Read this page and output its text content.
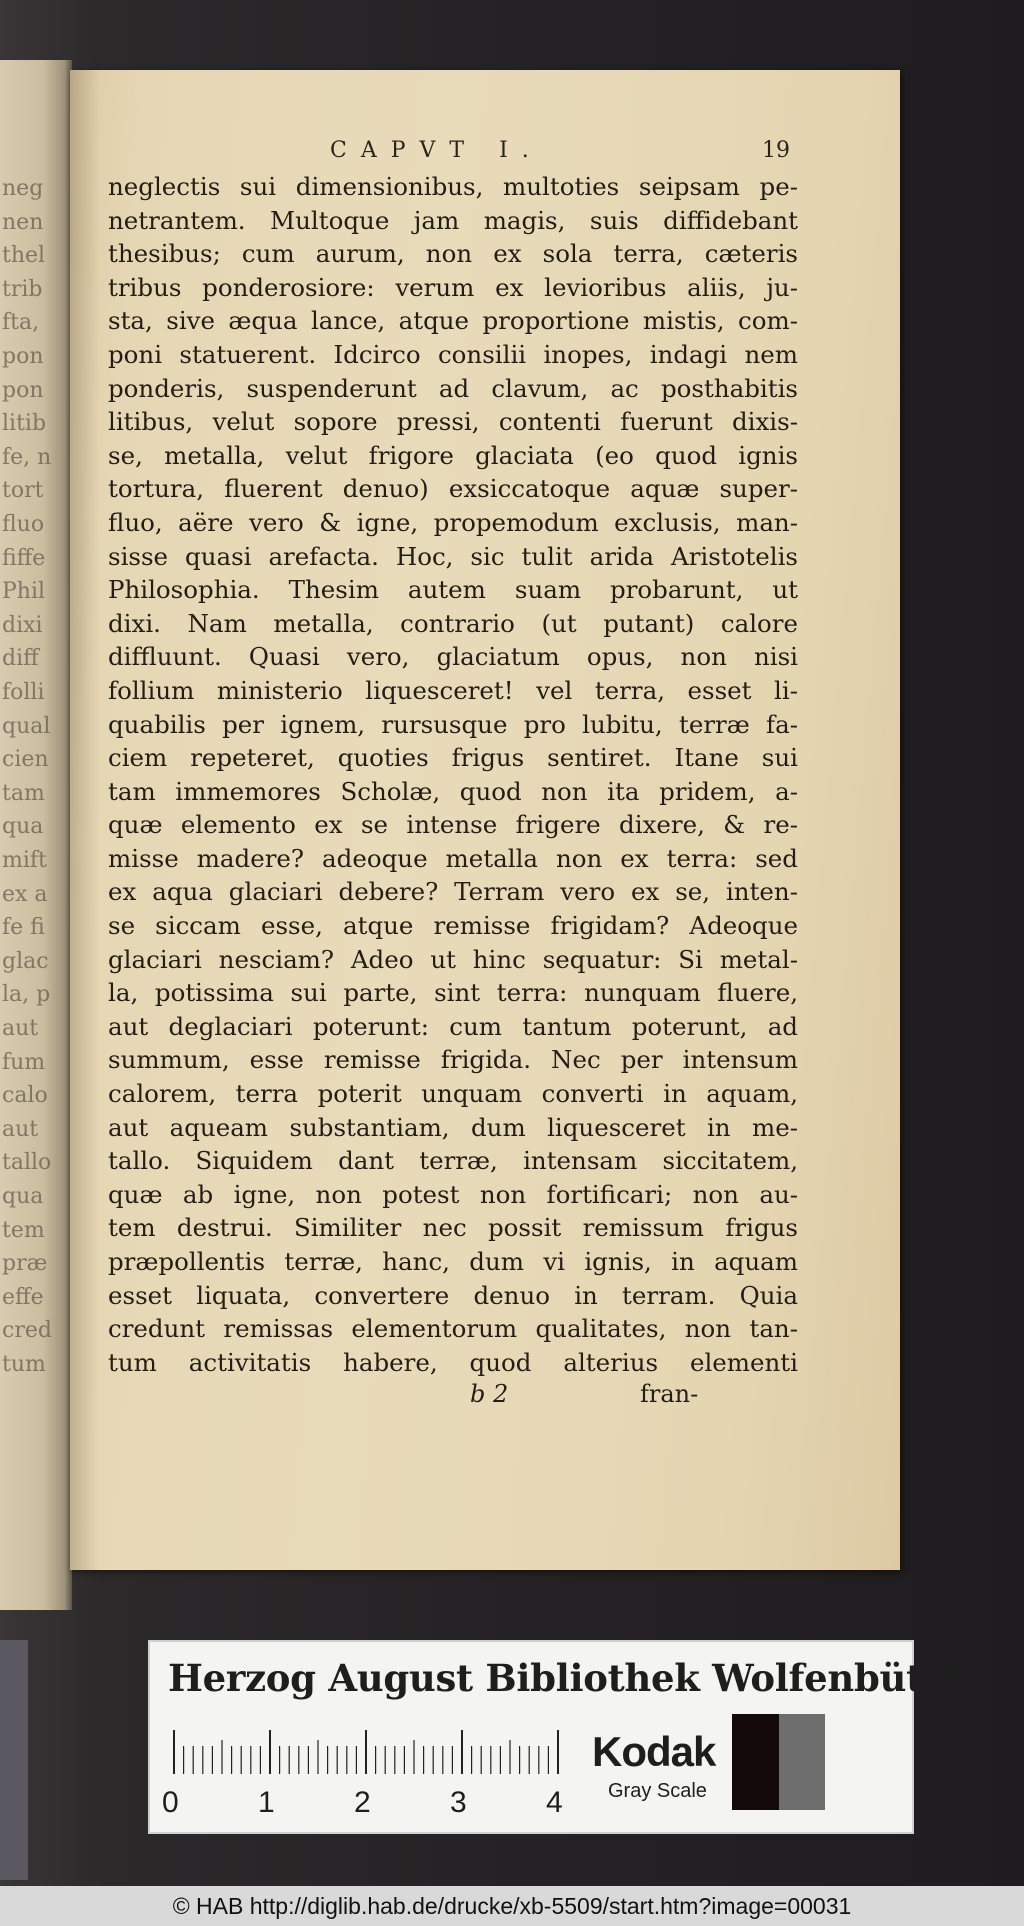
neg
nen
thel
trib
fta,
pon
pon
litib
fe, n
tort
fluo
fiffe
Phil
dixi
diff
folli
qual
cien
tam
qua
mift
ex a
fe fi
glac
la, p
aut
fum
calo
aut
tallo
qua
tem
præ
effe
cred
tum
CAPVT I.	19
neglectis sui dimensionibus, multoties seipsam pe-
netrantem. Multoque jam magis, suis diffidebant
thesibus; cum aurum, non ex sola terra, cæteris
tribus ponderosiore: verum ex levioribus aliis, ju-
sta, sive æqua lance, atque proportione mistis, com-
poni statuerent. Idcirco consilii inopes, indagi nem
ponderis, suspenderunt ad clavum, ac posthabitis
litibus, velut sopore pressi, contenti fuerunt dixis-
se, metalla, velut frigore glaciata (eo quod ignis
tortura, fluerent denuo) exsiccatoque aquæ super-
fluo, aëre vero & igne, propemodum exclusis, man-
sisse quasi arefacta. Hoc, sic tulit arida Aristotelis
Philosophia. Thesim autem suam probarunt, ut
dixi. Nam metalla, contrario (ut putant) calore
diffluunt. Quasi vero, glaciatum opus, non nisi
follium ministerio liquesceret! vel terra, esset li-
quabilis per ignem, rursusque pro lubitu, terræ fa-
ciem repeteret, quoties frigus sentiret. Itane sui
tam immemores Scholæ, quod non ita pridem, a-
quæ elemento ex se intense frigere dixere, & re-
misse madere? adeoque metalla non ex terra: sed
ex aqua glaciari debere? Terram vero ex se, inten-
se siccam esse, atque remisse frigidam? Adeoque
glaciari nesciam? Adeo ut hinc sequatur: Si metal-
la, potissima sui parte, sint terra: nunquam fluere,
aut deglaciari poterunt: cum tantum poterunt, ad
summum, esse remisse frigida. Nec per intensum
calorem, terra poterit unquam converti in aquam,
aut aqueam substantiam, dum liquesceret in me-
tallo. Siquidem dant terræ, intensam siccitatem,
quæ ab igne, non potest non fortificari; non au-
tem destrui. Similiter nec possit remissum frigus
præpollentis terræ, hanc, dum vi ignis, in aquam
esset liquata, convertere denuo in terram. Quia
credunt remissas elementorum qualitates, non tan-
tum activitatis habere, quod alterius elementi
b 2	fran-
Herzog August Bibliothek Wolfenbüttel
0	1	2	3	4
Kodak
Gray Scale
© HAB http://diglib.hab.de/drucke/xb-5509/start.htm?image=00031
